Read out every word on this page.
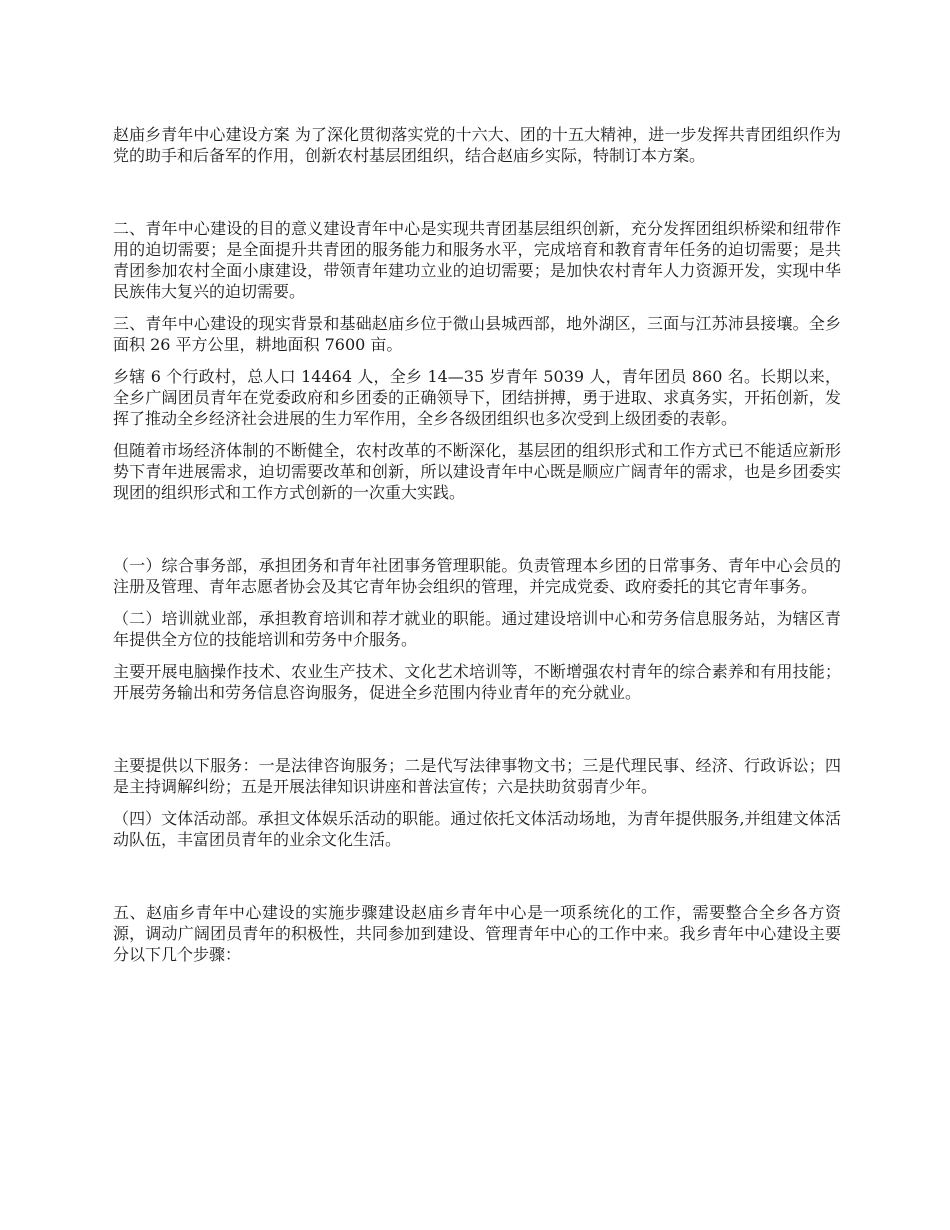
赵庙乡青年中心建设方案 为了深化贯彻落实党的十六大、团的十五大精神，进一步发挥共青团组织作为党的助手和后备军的作用，创新农村基层团组织，结合赵庙乡实际，特制订本方案。

二、青年中心建设的目的意义建设青年中心是实现共青团基层组织创新，充分发挥团组织桥梁和纽带作用的迫切需要；是全面提升共青团的服务能力和服务水平，完成培育和教育青年任务的迫切需要；是共青团参加农村全面小康建设，带领青年建功立业的迫切需要；是加快农村青年人力资源开发，实现中华民族伟大复兴的迫切需要。

三、青年中心建设的现实背景和基础赵庙乡位于微山县城西部，地外湖区，三面与江苏沛县接壤。全乡面积 26 平方公里，耕地面积 7600 亩。

乡辖 6 个行政村，总人口 14464 人，全乡 14—35 岁青年 5039 人，青年团员 860 名。长期以来，全乡广阔团员青年在党委政府和乡团委的正确领导下，团结拼搏，勇于进取、求真务实，开拓创新，发挥了推动全乡经济社会进展的生力军作用，全乡各级团组织也多次受到上级团委的表彰。

但随着市场经济体制的不断健全，农村改革的不断深化，基层团的组织形式和工作方式已不能适应新形势下青年进展需求，迫切需要改革和创新，所以建设青年中心既是顺应广阔青年的需求，也是乡团委实现团的组织形式和工作方式创新的一次重大实践。

（一）综合事务部，承担团务和青年社团事务管理职能。负责管理本乡团的日常事务、青年中心会员的注册及管理、青年志愿者协会及其它青年协会组织的管理，并完成党委、政府委托的其它青年事务。

（二）培训就业部，承担教育培训和荐才就业的职能。通过建设培训中心和劳务信息服务站，为辖区青年提供全方位的技能培训和劳务中介服务。

主要开展电脑操作技术、农业生产技术、文化艺术培训等，不断增强农村青年的综合素养和有用技能；开展劳务输出和劳务信息咨询服务，促进全乡范围内待业青年的充分就业。

主要提供以下服务：一是法律咨询服务；二是代写法律事物文书；三是代理民事、经济、行政诉讼；四是主持调解纠纷；五是开展法律知识讲座和普法宣传；六是扶助贫弱青少年。

（四）文体活动部。承担文体娱乐活动的职能。通过依托文体活动场地，为青年提供服务,并组建文体活动队伍，丰富团员青年的业余文化生活。

五、赵庙乡青年中心建设的实施步骤建设赵庙乡青年中心是一项系统化的工作，需要整合全乡各方资源，调动广阔团员青年的积极性，共同参加到建设、管理青年中心的工作中来。我乡青年中心建设主要分以下几个步骤：
